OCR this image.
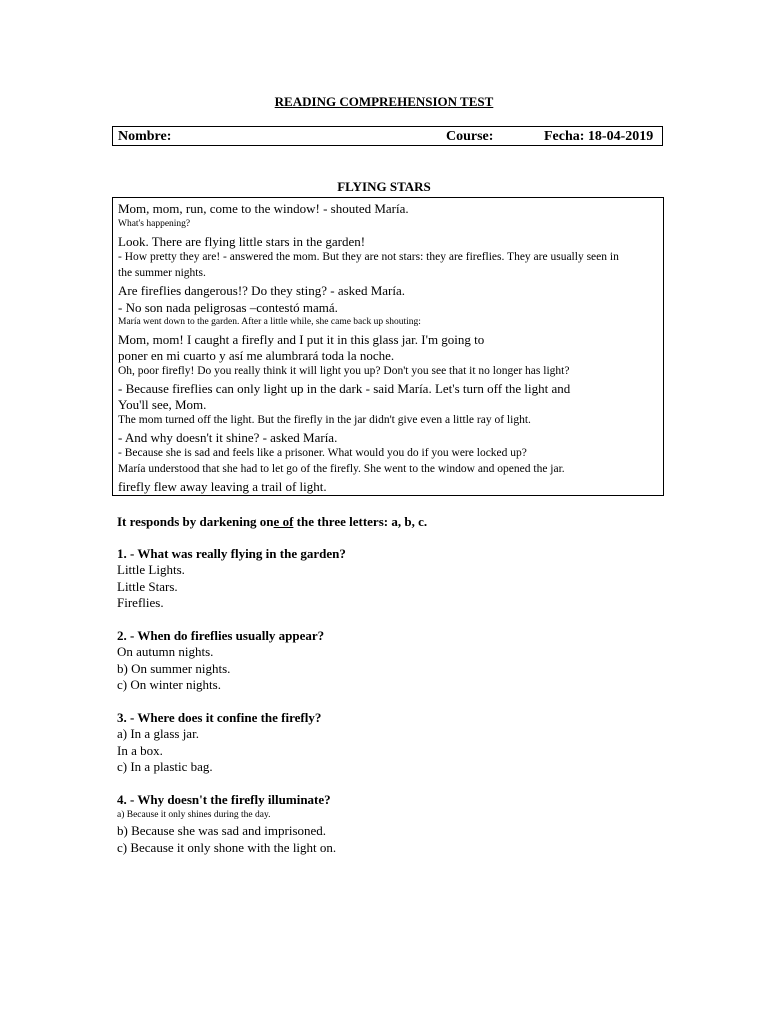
READING COMPREHENSION TEST
Nombre:	Course:	Fecha: 18-04-2019
FLYING STARS
Mom, mom, run, come to the window! - shouted María.
What's happening?
Look. There are flying little stars in the garden!
- How pretty they are! - answered the mom. But they are not stars: they are fireflies. They are usually seen in
the summer nights.
Are fireflies dangerous!? Do they sting? - asked María.
- No son nada peligrosas –contestó mamá.
María went down to the garden. After a little while, she came back up shouting:
Mom, mom! I caught a firefly and I put it in this glass jar. I'm going to
poner en mi cuarto y así me alumbrará toda la noche.
Oh, poor firefly! Do you really think it will light you up? Don't you see that it no longer has light?
- Because fireflies can only light up in the dark - said María. Let's turn off the light and
You'll see, Mom.
The mom turned off the light. But the firefly in the jar didn't give even a little ray of light.
- And why doesn't it shine? - asked María.
- Because she is sad and feels like a prisoner. What would you do if you were locked up?
María understood that she had to let go of the firefly. She went to the window and opened the jar.
firefly flew away leaving a trail of light.
It responds by darkening one of the three letters: a, b, c.
1. - What was really flying in the garden?
Little Lights.
Little Stars.
Fireflies.
2. - When do fireflies usually appear?
On autumn nights.
b) On summer nights.
c) On winter nights.
3. - Where does it confine the firefly?
a) In a glass jar.
In a box.
c) In a plastic bag.
4. - Why doesn't the firefly illuminate?
a) Because it only shines during the day.
b) Because she was sad and imprisoned.
c) Because it only shone with the light on.
